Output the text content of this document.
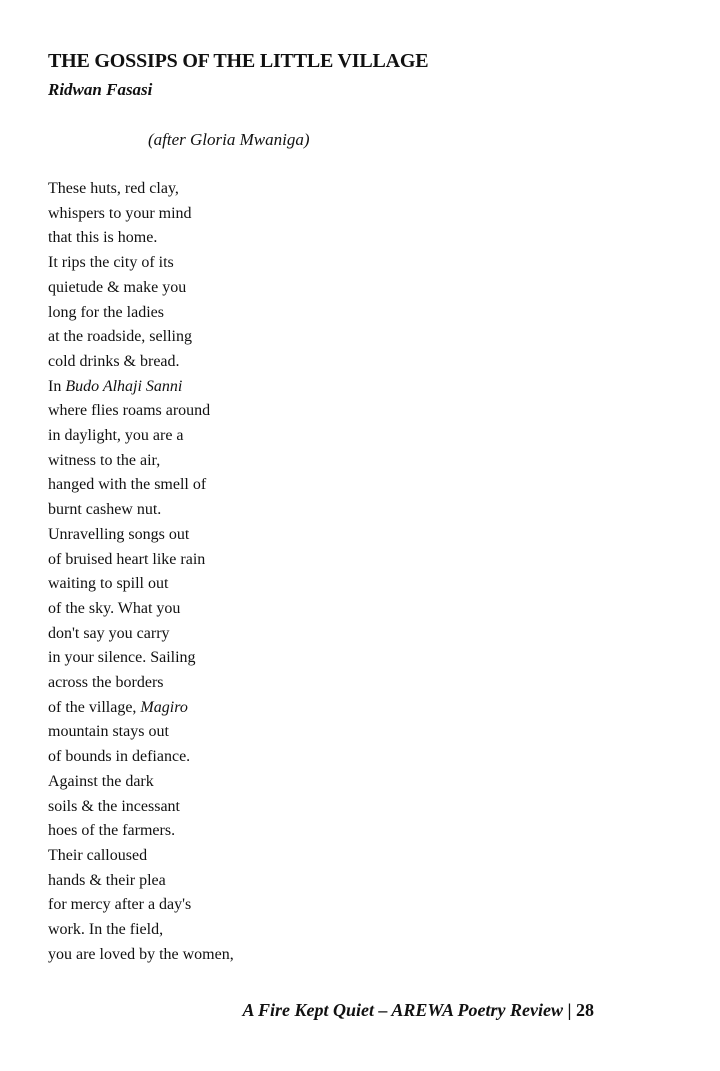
THE GOSSIPS OF THE LITTLE VILLAGE
Ridwan Fasasi
(after Gloria Mwaniga)
These huts, red clay,
whispers to your mind
that this is home.
It rips the city of its
quietude & make you
long for the ladies
at the roadside, selling
cold drinks & bread.
In Budo Alhaji Sanni
where flies roams around
in daylight, you are a
witness to the air,
hanged with the smell of
burnt cashew nut.
Unravelling songs out
of bruised heart like rain
waiting to spill out
of the sky. What you
don't say you carry
in your silence. Sailing
across the borders
of the village, Magiro
mountain stays out
of bounds in defiance.
Against the dark
soils & the incessant
hoes of the farmers.
Their calloused
hands & their plea
for mercy after a day's
work. In the field,
you are loved by the women,
A Fire Kept Quiet – AREWA Poetry Review | 28
